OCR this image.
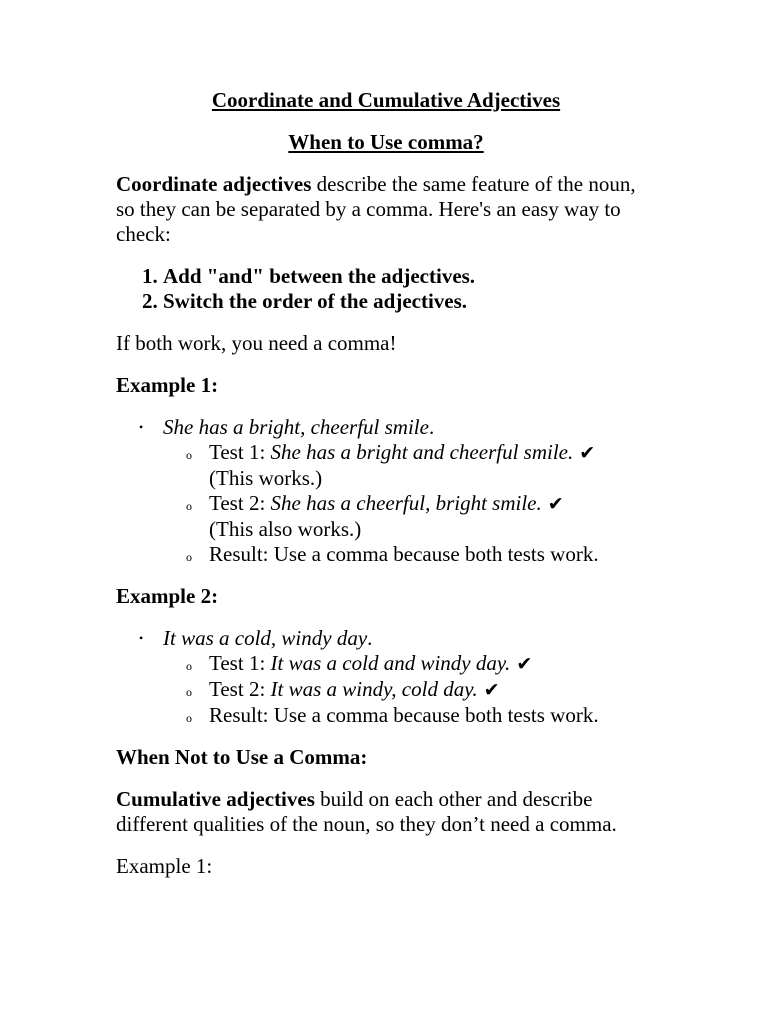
Coordinate and Cumulative Adjectives

When to Use comma?

Coordinate adjectives describe the same feature of the noun, so they can be separated by a comma. Here's an easy way to check:

1. Add "and" between the adjectives.
2. Switch the order of the adjectives.

If both work, you need a comma!

Example 1:

• She has a bright, cheerful smile.
o Test 1: She has a bright and cheerful smile. ✔
(This works.)
o Test 2: She has a cheerful, bright smile. ✔
(This also works.)
o Result: Use a comma because both tests work.

Example 2:

• It was a cold, windy day.
o Test 1: It was a cold and windy day. ✔
o Test 2: It was a windy, cold day. ✔
o Result: Use a comma because both tests work.

When Not to Use a Comma:

Cumulative adjectives build on each other and describe different qualities of the noun, so they don’t need a comma.

Example 1:
